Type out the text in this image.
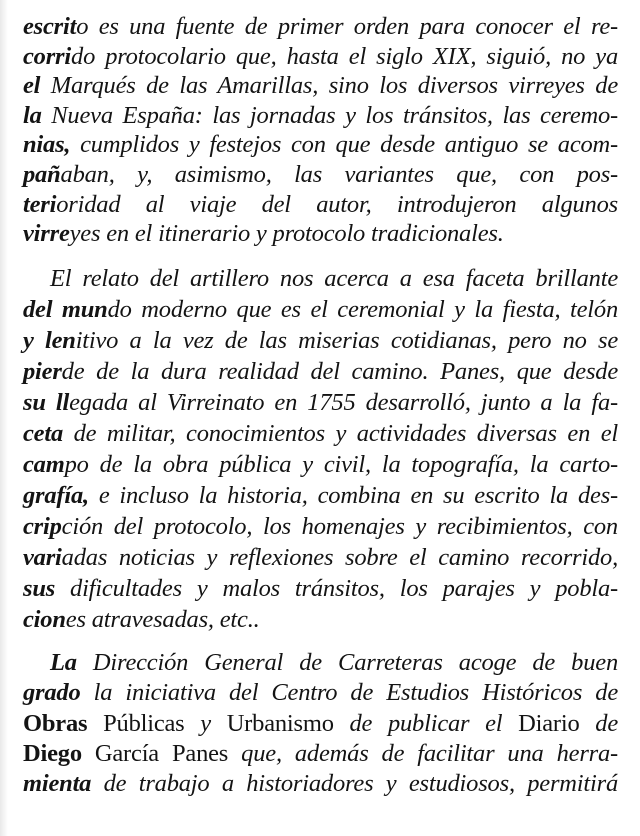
escrito es una fuente de primer orden para conocer el re-
corrido protocolario que, hasta el siglo XIX, siguió, no ya
el Marqués de las Amarillas, sino los diversos virreyes de
la Nueva España: las jornadas y los tránsitos, las ceremo-
nias, cumplidos y festejos con que desde antiguo se acom-
pañaban, y, asimismo, las variantes que, con pos-
terioridad al viaje del autor, introdujeron algunos
virreyes en el itinerario y protocolo tradicionales.
El relato del artillero nos acerca a esa faceta brillante
del mundo moderno que es el ceremonial y la fiesta, telón
y lenitivo a la vez de las miserias cotidianas, pero no se
pierde de la dura realidad del camino. Panes, que desde
su llegada al Virreinato en 1755 desarrolló, junto a la fa-
ceta de militar, conocimientos y actividades diversas en el
campo de la obra pública y civil, la topografía, la carto-
grafía, e incluso la historia, combina en su escrito la des-
cripción del protocolo, los homenajes y recibimientos, con
variadas noticias y reflexiones sobre el camino recorrido,
sus dificultades y malos tránsitos, los parajes y pobla-
ciones atravesadas, etc..
La Dirección General de Carreteras acoge de buen
grado la iniciativa del Centro de Estudios Históricos de
Obras Públicas y Urbanismo de publicar el Diario de
Diego García Panes que, además de facilitar una herra-
mienta de trabajo a historiadores y estudiosos, permitirá
